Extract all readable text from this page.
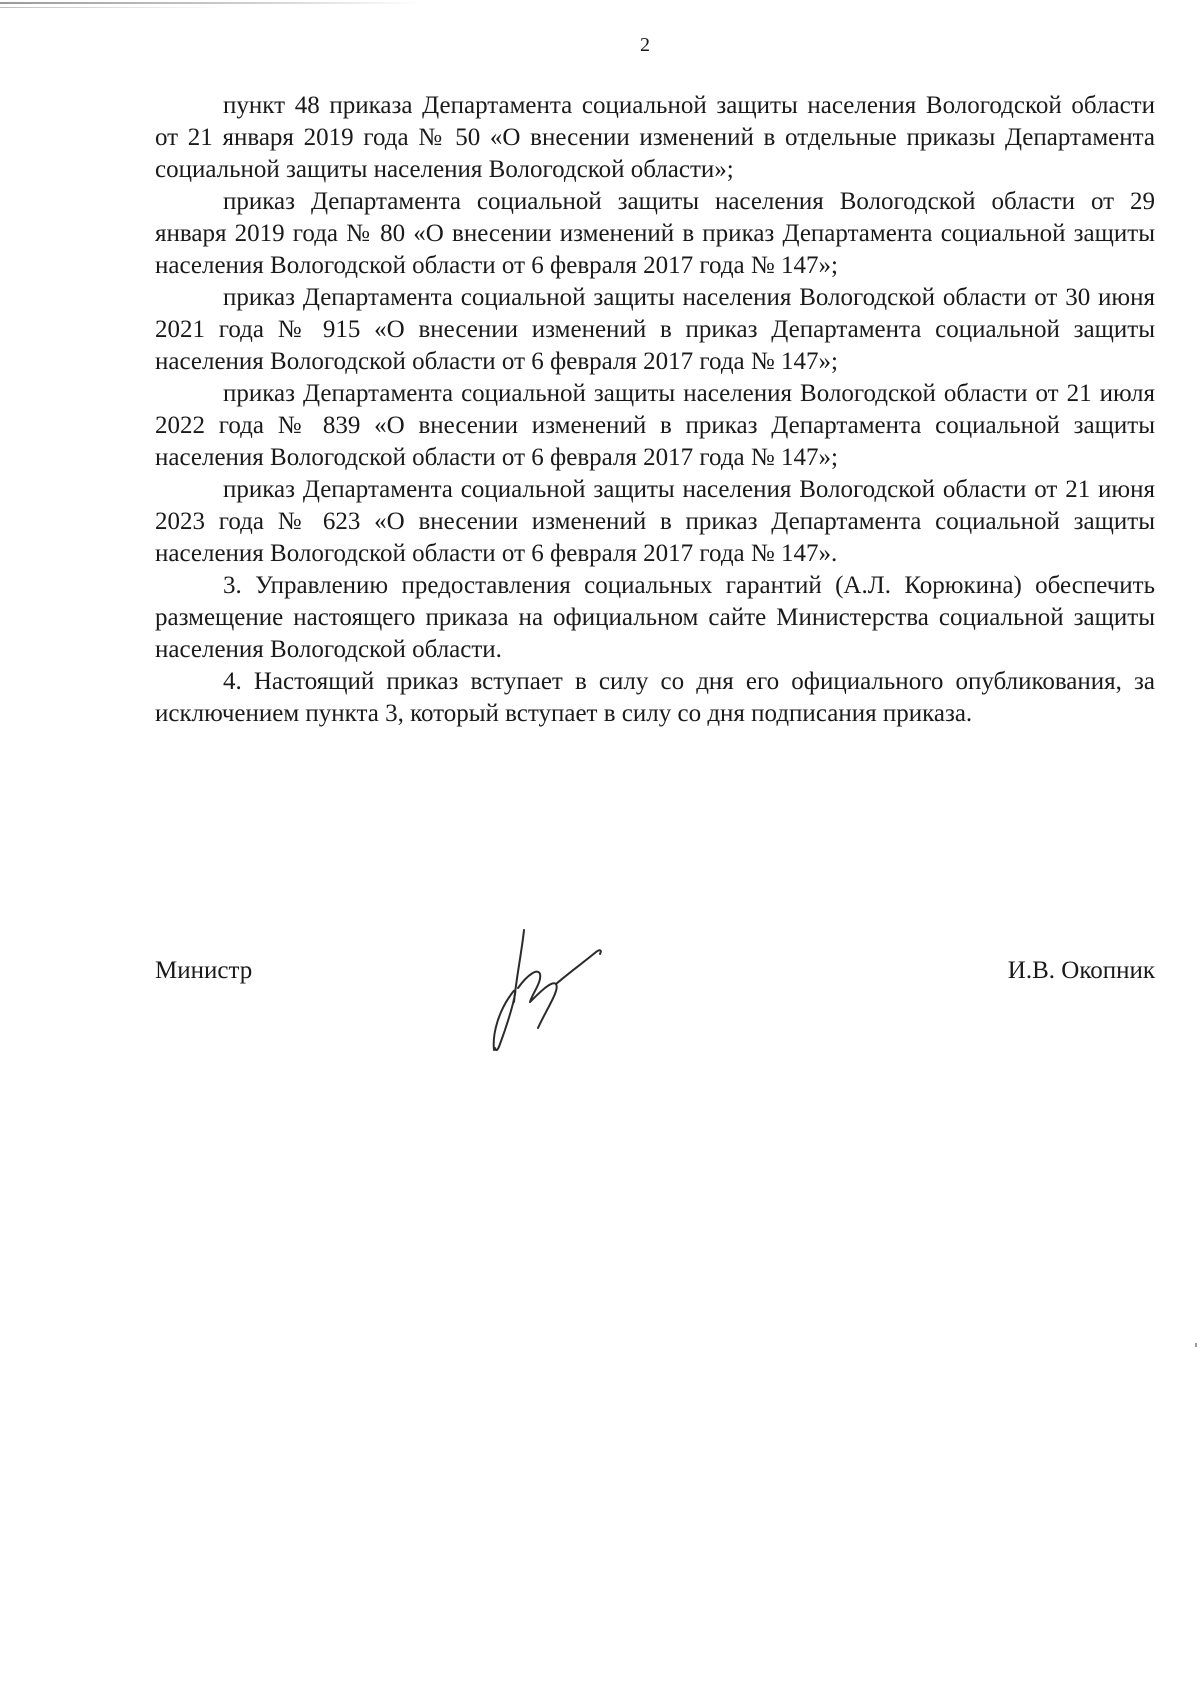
2

пункт 48 приказа Департамента социальной защиты населения Вологодской области от 21 января 2019 года № 50 «О внесении изменений в отдельные приказы Департамента социальной защиты населения Вологодской области»;

приказ Департамента социальной защиты населения Вологодской области от 29 января 2019 года № 80 «О внесении изменений в приказ Департамента социальной защиты населения Вологодской области от 6 февраля 2017 года № 147»;

приказ Департамента социальной защиты населения Вологодской области от 30 июня 2021 года № 915 «О внесении изменений в приказ Департамента социальной защиты населения Вологодской области от 6 февраля 2017 года № 147»;

приказ Департамента социальной защиты населения Вологодской области от 21 июля 2022 года № 839 «О внесении изменений в приказ Департамента социальной защиты населения Вологодской области от 6 февраля 2017 года № 147»;

приказ Департамента социальной защиты населения Вологодской области от 21 июня 2023 года № 623 «О внесении изменений в приказ Департамента социальной защиты населения Вологодской области от 6 февраля 2017 года № 147».

3. Управлению предоставления социальных гарантий (А.Л. Корюкина) обеспечить размещение настоящего приказа на официальном сайте Министерства социальной защиты населения Вологодской области.

4. Настоящий приказ вступает в силу со дня его официального опубликования, за исключением пункта 3, который вступает в силу со дня подписания приказа.

Министр	И.В. Окопник
